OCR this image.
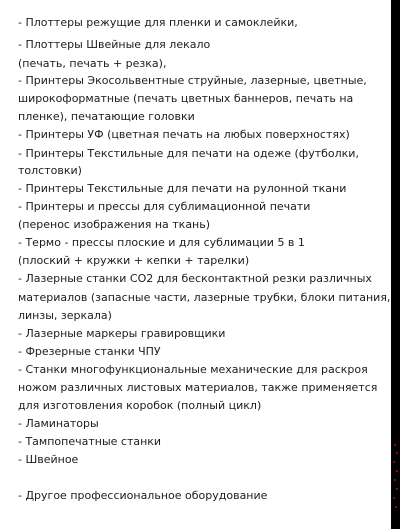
- Плоттеры режущие для пленки и самоклейки,

- Плоттеры Швейные для лекало

(печать, печать + резка),

- Принтеры Экосольвентные струйные, лазерные, цветные,

широкоформатные (печать цветных баннеров, печать на

пленке), печатающие головки

- Принтеры УФ (цветная печать на любых поверхностях)

- Принтеры Текстильные для печати на одеже (футболки,

толстовки)

- Принтеры Текстильные для печати на рулонной ткани

- Принтеры и прессы для сублимационной печати

(перенос изображения на ткань)

- Термо - прессы плоские и для сублимации 5 в 1

(плоский + кружки + кепки + тарелки)

- Лазерные станки СО2 для бесконтактной резки различных

материалов (запасные части, лазерные трубки, блоки питания,

линзы, зеркала)

- Лазерные маркеры гравировщики

- Фрезерные станки ЧПУ

- Станки многофункциональные механические для раскроя

ножом различных листовых материалов, также применяется

для изготовления коробок (полный цикл)

- Ламинаторы

- Тампопечатные станки

- Швейное

- Другое профессиональное оборудование
